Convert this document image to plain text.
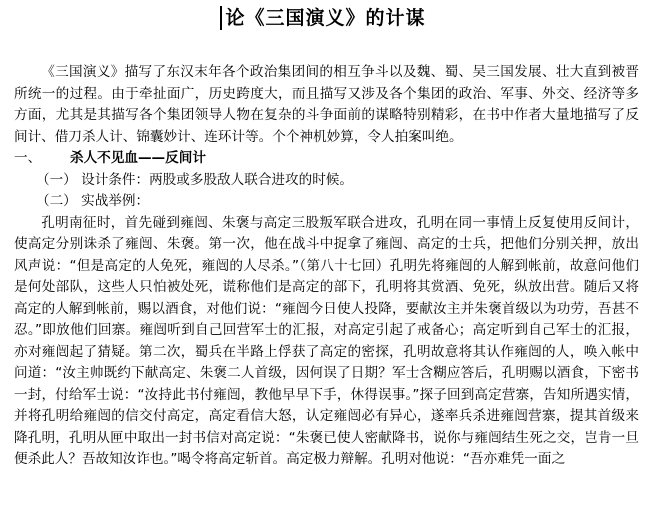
论《三国演义》的计谋

《三国演义》描写了东汉末年各个政治集团间的相互争斗以及魏、蜀、吴三国发展、壮大直到被晋所统一的过程。由于牵扯面广，历史跨度大，而且描写又涉及各个集团的政治、军事、外交、经济等多方面，尤其是其描写各个集团领导人物在复杂的斗争面前的谋略特别精彩，在书中作者大量地描写了反间计、借刀杀人计、锦囊妙计、连环计等。个个神机妙算，令人拍案叫绝。

一、 杀人不见血——反间计

（一） 设计条件：两股或多股敌人联合进攻的时候。

（二） 实战举例：

孔明南征时，首先碰到雍闿、朱褒与高定三股叛军联合进攻，孔明在同一事情上反复使用反间计，使高定分别诛杀了雍闿、朱褒。第一次，他在战斗中捉拿了雍闿、高定的士兵，把他们分别关押，放出风声说：“但是高定的人免死，雍闿的人尽杀。”（第八十七回）孔明先将雍闿的人解到帐前，故意问他们是何处部队，这些人只怕被处死，谎称他们是高定的部下，孔明将其赏酒、免死，纵放出营。随后又将高定的人解到帐前，赐以酒食，对他们说：“雍闿今日使人投降，要献汝主并朱褒首级以为功劳，吾甚不忍。”即放他们回寨。雍闿听到自己回营军士的汇报，对高定引起了戒备心；高定听到自己军士的汇报，亦对雍闿起了猜疑。第二次，蜀兵在半路上俘获了高定的密探，孔明故意将其认作雍闿的人，唤入帐中问道：“汝主帅既约下献高定、朱褒二人首级，因何误了日期？军士含糊应答后，孔明赐以酒食，下密书一封，付给军士说：“汝持此书付雍闿，教他早早下手，休得误事。”探子回到高定营寨，告知所遇实情，并将孔明给雍闿的信交付高定，高定看信大怒，认定雍闿必有异心，遂率兵杀进雍闿营寨，提其首级来降孔明，孔明从匣中取出一封书信对高定说：“朱褒已使人密献降书，说你与雍闿结生死之交，岂肯一旦便杀此人？吾故知汝诈也。”喝令将高定斩首。高定极力辩解。孔明对他说：“吾亦难凭一面之
